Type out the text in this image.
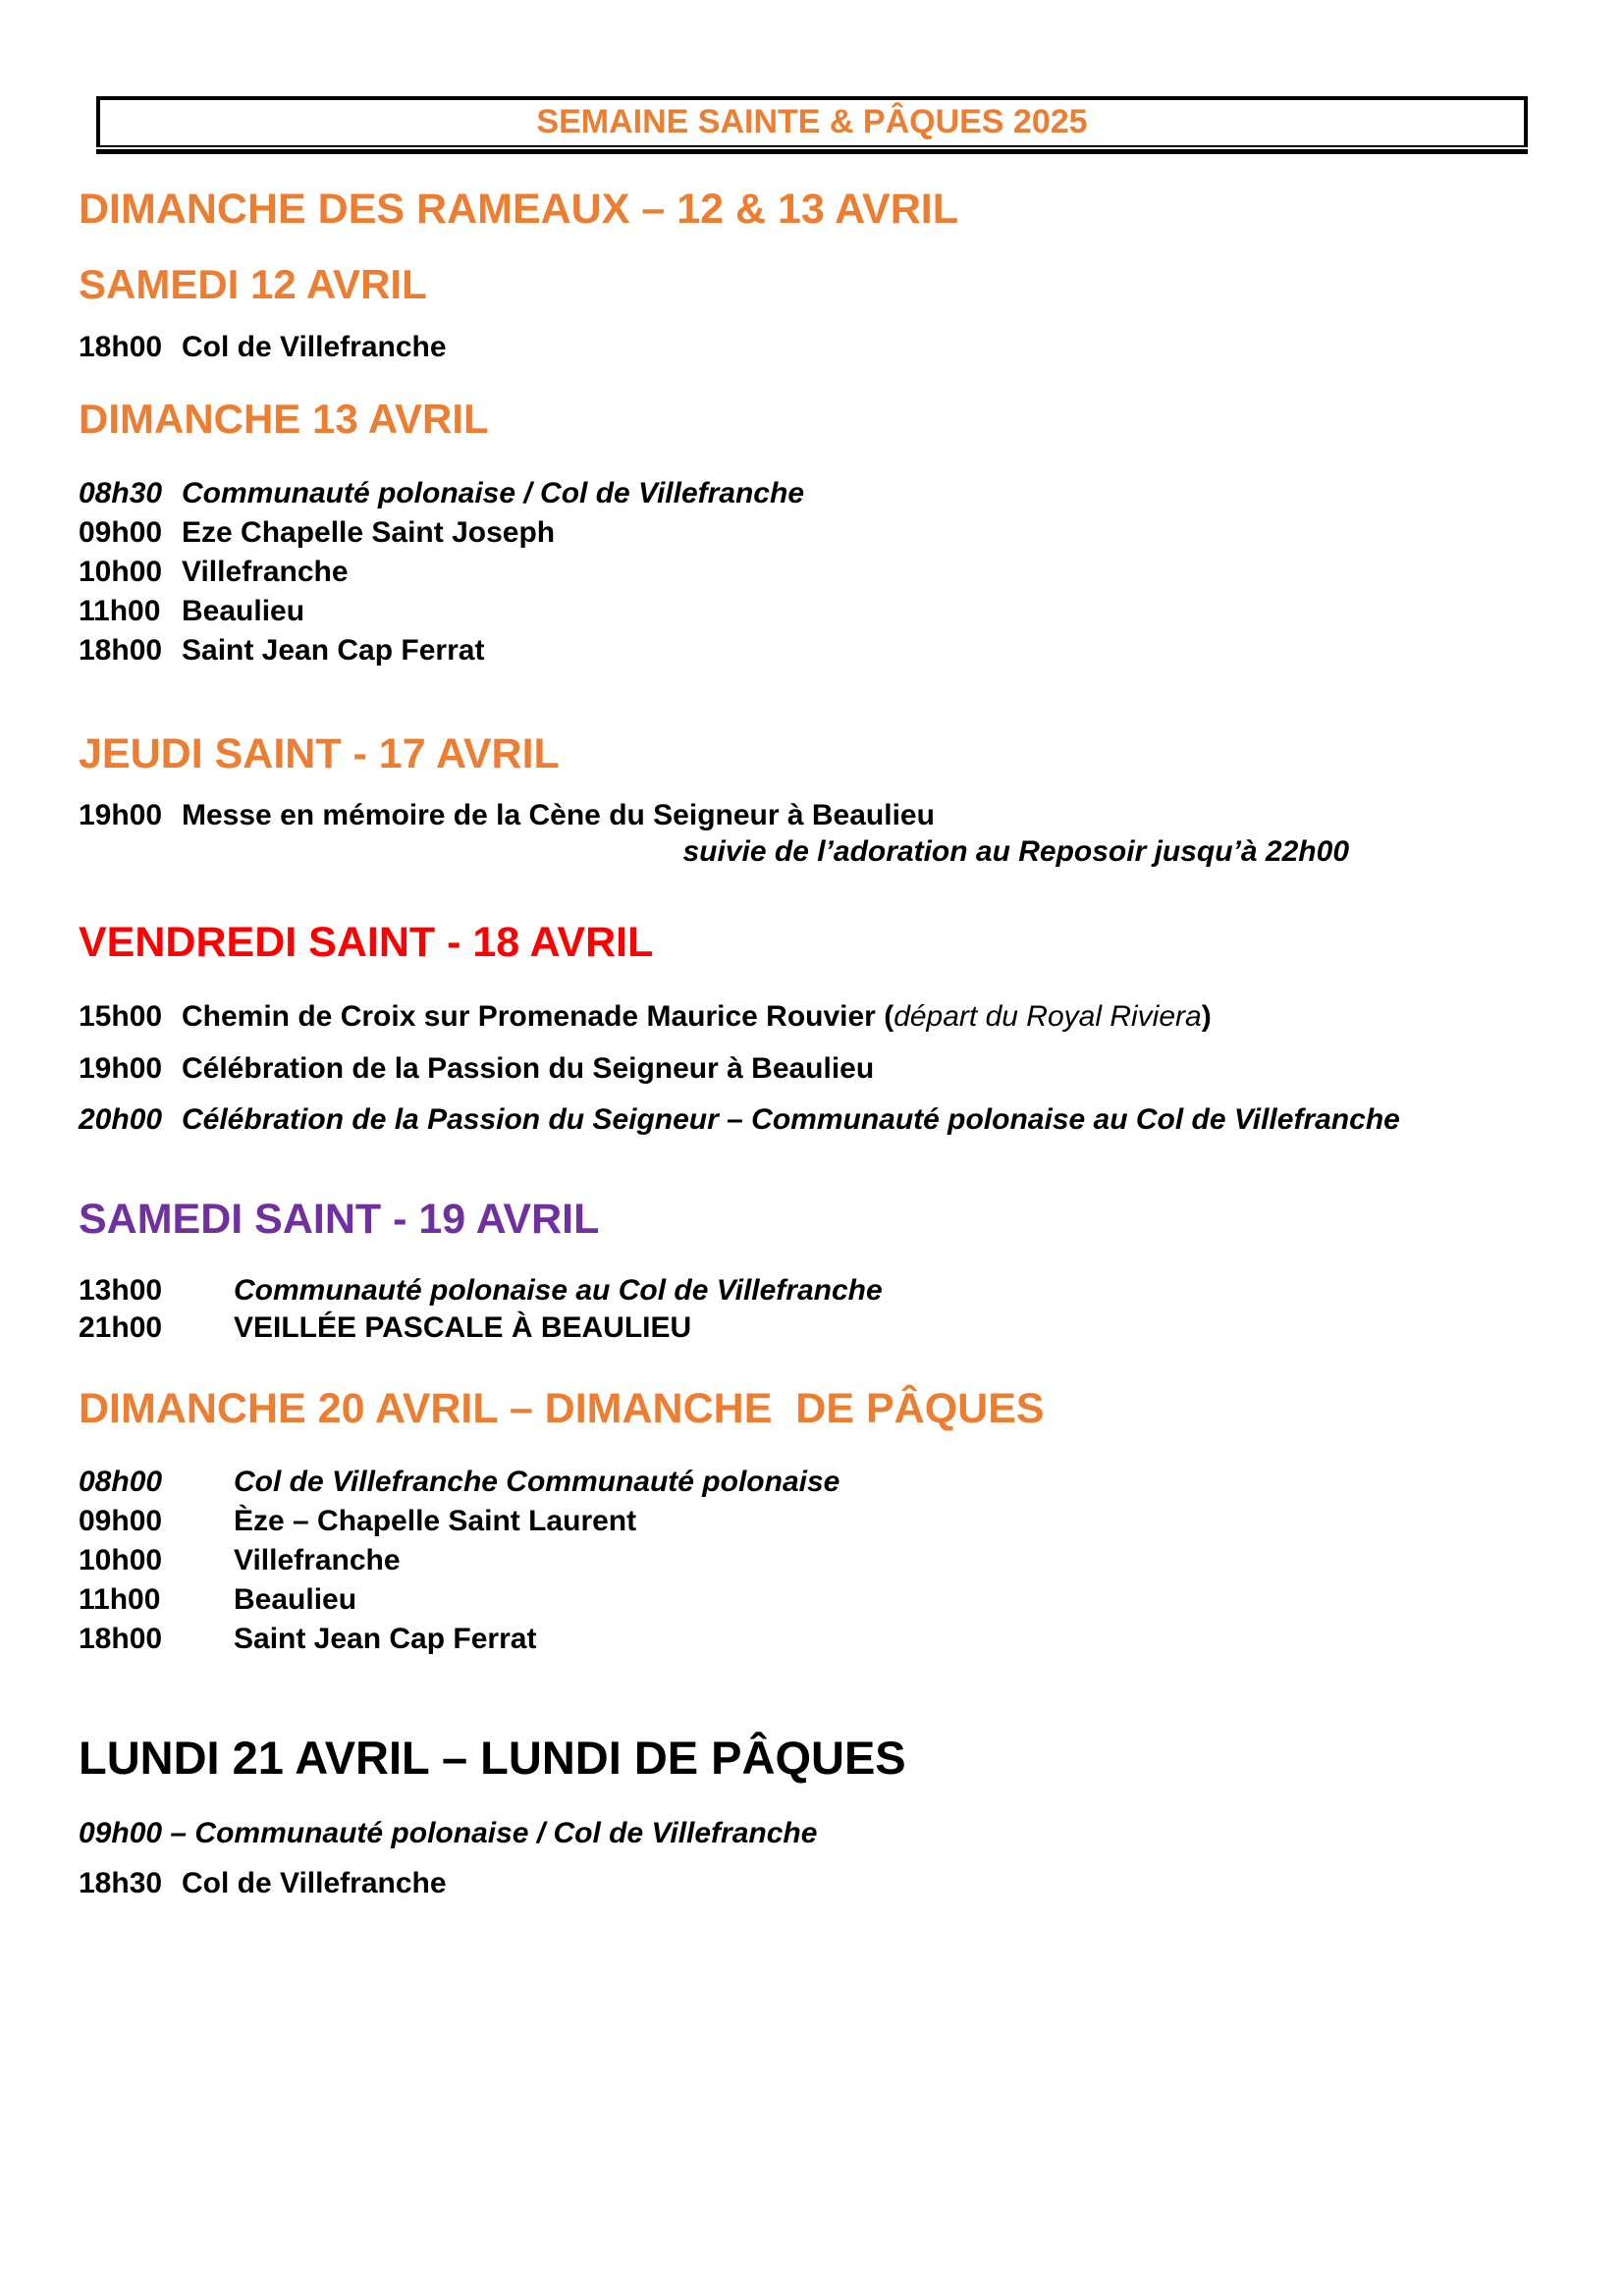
SEMAINE SAINTE & PÂQUES 2025
DIMANCHE DES RAMEAUX – 12 & 13 AVRIL
SAMEDI 12 AVRIL
18h00 Col de Villefranche
DIMANCHE 13 AVRIL
08h30 Communauté polonaise / Col de Villefranche
09h00 Eze Chapelle Saint Joseph
10h00 Villefranche
11h00 Beaulieu
18h00 Saint Jean Cap Ferrat
JEUDI SAINT - 17 AVRIL
19h00 Messe en mémoire de la Cène du Seigneur à Beaulieu
suivie de l’adoration au Reposoir jusqu’à 22h00
VENDREDI SAINT - 18 AVRIL
15h00 Chemin de Croix sur Promenade Maurice Rouvier (départ du Royal Riviera)
19h00 Célébration de la Passion du Seigneur à Beaulieu
20h00 Célébration de la Passion du Seigneur – Communauté polonaise au Col de Villefranche
SAMEDI SAINT - 19 AVRIL
13h00 Communauté polonaise au Col de Villefranche
21h00 VEILLÉE PASCALE À BEAULIEU
DIMANCHE 20 AVRIL – DIMANCHE  DE PÂQUES
08h00 Col de Villefranche Communauté polonaise
09h00 Èze – Chapelle Saint Laurent
10h00 Villefranche
11h00 Beaulieu
18h00 Saint Jean Cap Ferrat
LUNDI 21 AVRIL – LUNDI DE PÂQUES
09h00 – Communauté polonaise / Col de Villefranche
18h30 Col de Villefranche
